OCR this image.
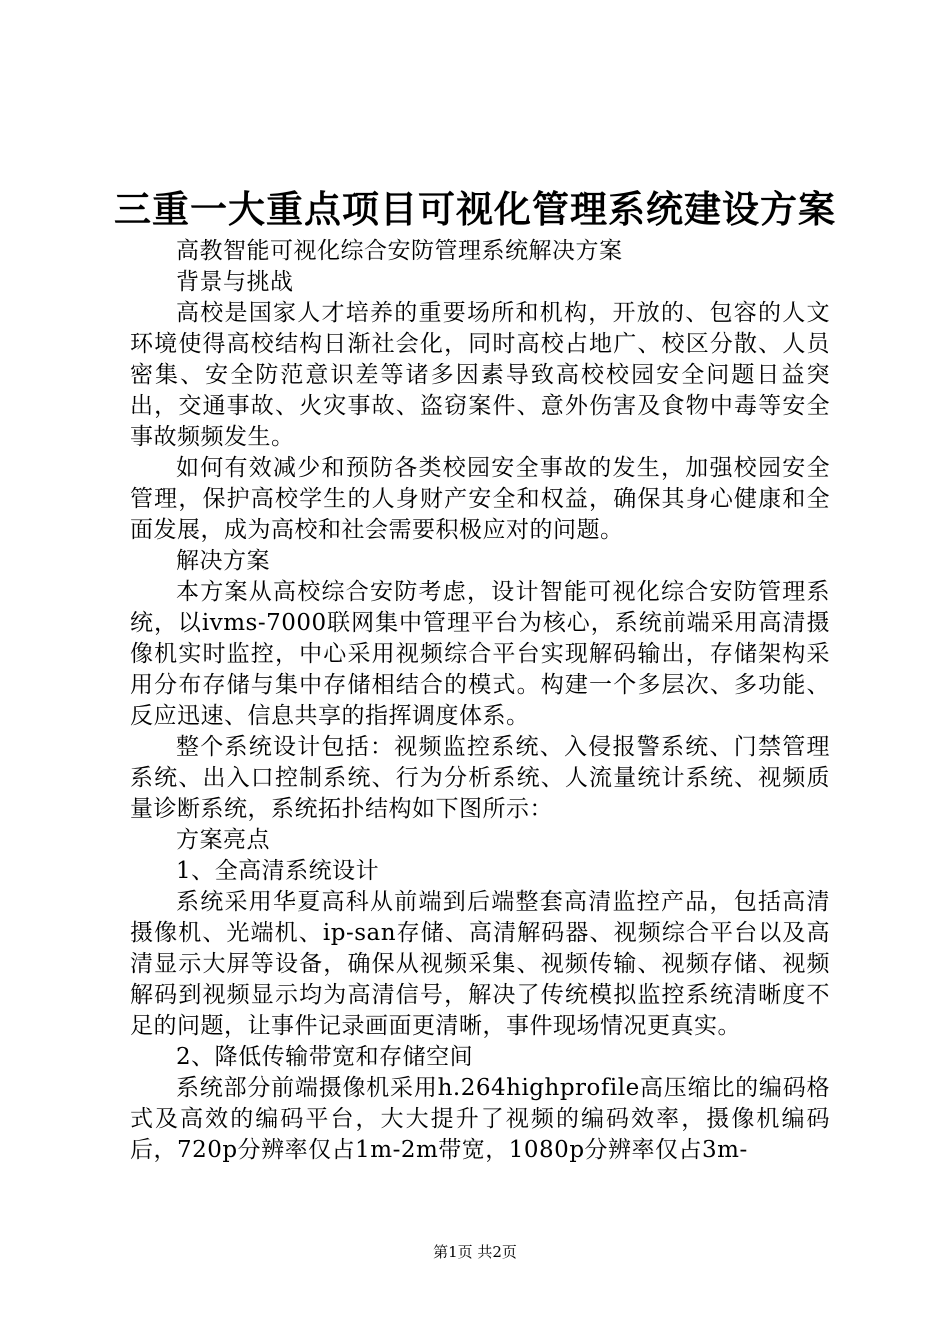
三重一大重点项目可视化管理系统建设方案

高教智能可视化综合安防管理系统解决方案

背景与挑战

高校是国家人才培养的重要场所和机构，开放的、包容的人文环境使得高校结构日渐社会化，同时高校占地广、校区分散、人员密集、安全防范意识差等诸多因素导致高校校园安全问题日益突出，交通事故、火灾事故、盗窃案件、意外伤害及食物中毒等安全事故频频发生。

如何有效减少和预防各类校园安全事故的发生，加强校园安全管理，保护高校学生的人身财产安全和权益，确保其身心健康和全面发展，成为高校和社会需要积极应对的问题。

解决方案

本方案从高校综合安防考虑，设计智能可视化综合安防管理系统，以ivms-7000联网集中管理平台为核心，系统前端采用高清摄像机实时监控，中心采用视频综合平台实现解码输出，存储架构采用分布存储与集中存储相结合的模式。构建一个多层次、多功能、反应迅速、信息共享的指挥调度体系。

整个系统设计包括：视频监控系统、入侵报警系统、门禁管理系统、出入口控制系统、行为分析系统、人流量统计系统、视频质量诊断系统，系统拓扑结构如下图所示：

方案亮点

1、全高清系统设计

系统采用华夏高科从前端到后端整套高清监控产品，包括高清摄像机、光端机、ip-san存储、高清解码器、视频综合平台以及高清显示大屏等设备，确保从视频采集、视频传输、视频存储、视频解码到视频显示均为高清信号，解决了传统模拟监控系统清晰度不足的问题，让事件记录画面更清晰，事件现场情况更真实。

2、降低传输带宽和存储空间

系统部分前端摄像机采用h.264highprofile高压缩比的编码格式及高效的编码平台，大大提升了视频的编码效率，摄像机编码后，720p分辨率仅占1m-2m带宽，1080p分辨率仅占3m-

第1页 共2页
